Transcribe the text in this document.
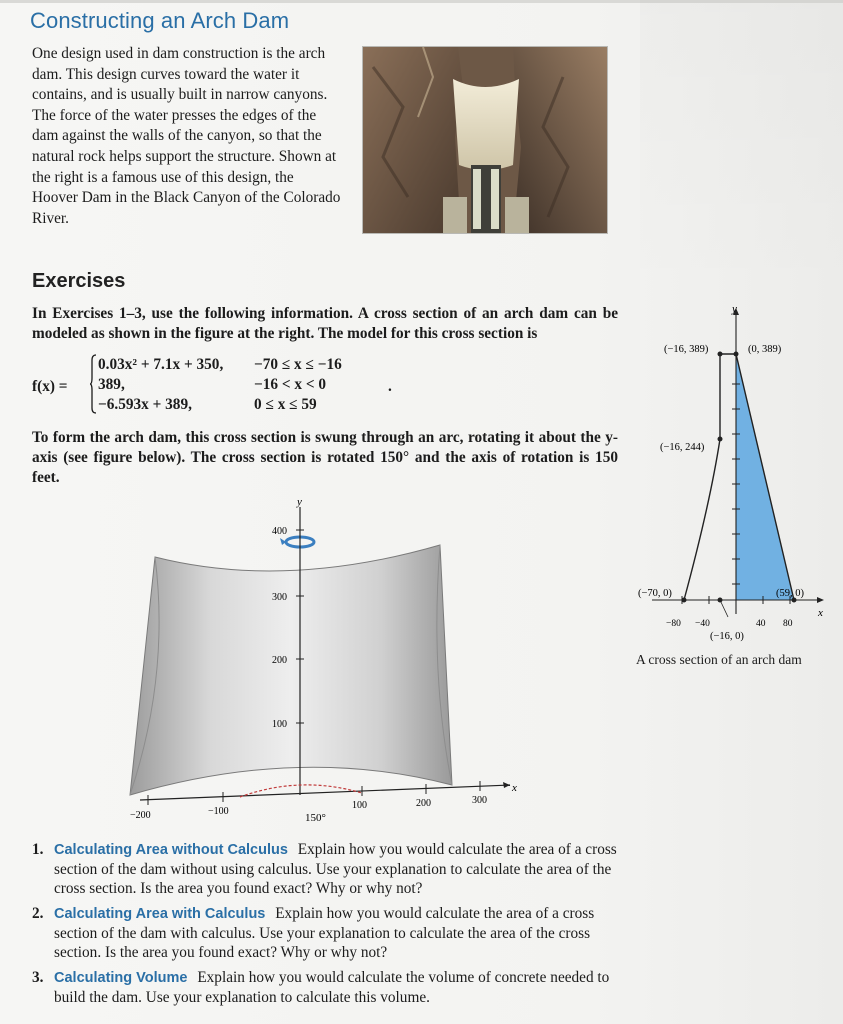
Constructing an Arch Dam
One design used in dam construction is the arch dam. This design curves toward the water it contains, and is usually built in narrow canyons. The force of the water presses the edges of the dam against the walls of the canyon, so that the natural rock helps support the structure. Shown at the right is a famous use of this design, the Hoover Dam in the Black Canyon of the Colorado River.
Exercises
In Exercises 1–3, use the following information. A cross section of an arch dam can be modeled as shown in the figure at the right. The model for this cross section is
f(x) =
0.03x² + 7.1x + 350, −70 ≤ x ≤ −16
389,	−16 < x < 0
−6.593x + 389,	0 ≤ x ≤ 59
.
To form the arch dam, this cross section is swung through an arc, rotating it about the y-axis (see figure below). The cross section is rotated 150° and the axis of rotation is 150 feet.
y
400
300
200
100
x
−200	−100
100	200	300
150°
y
x
−80 −40	40 80
(−16, 389)	(0, 389)
(−16, 244)
(−70, 0)	(59, 0)
(−16, 0)
A cross section of an arch dam
1. Calculating Area without Calculus Explain how you would calculate the area of a cross section of the dam without using calculus. Use your explanation to calculate the area of the cross section. Is the area you found exact? Why or why not?
2. Calculating Area with Calculus Explain how you would calculate the area of a cross section of the dam with calculus. Use your explanation to calculate the area of the cross section. Is the area you found exact? Why or why not?
3. Calculating Volume Explain how you would calculate the volume of concrete needed to build the dam. Use your explanation to calculate this volume.
